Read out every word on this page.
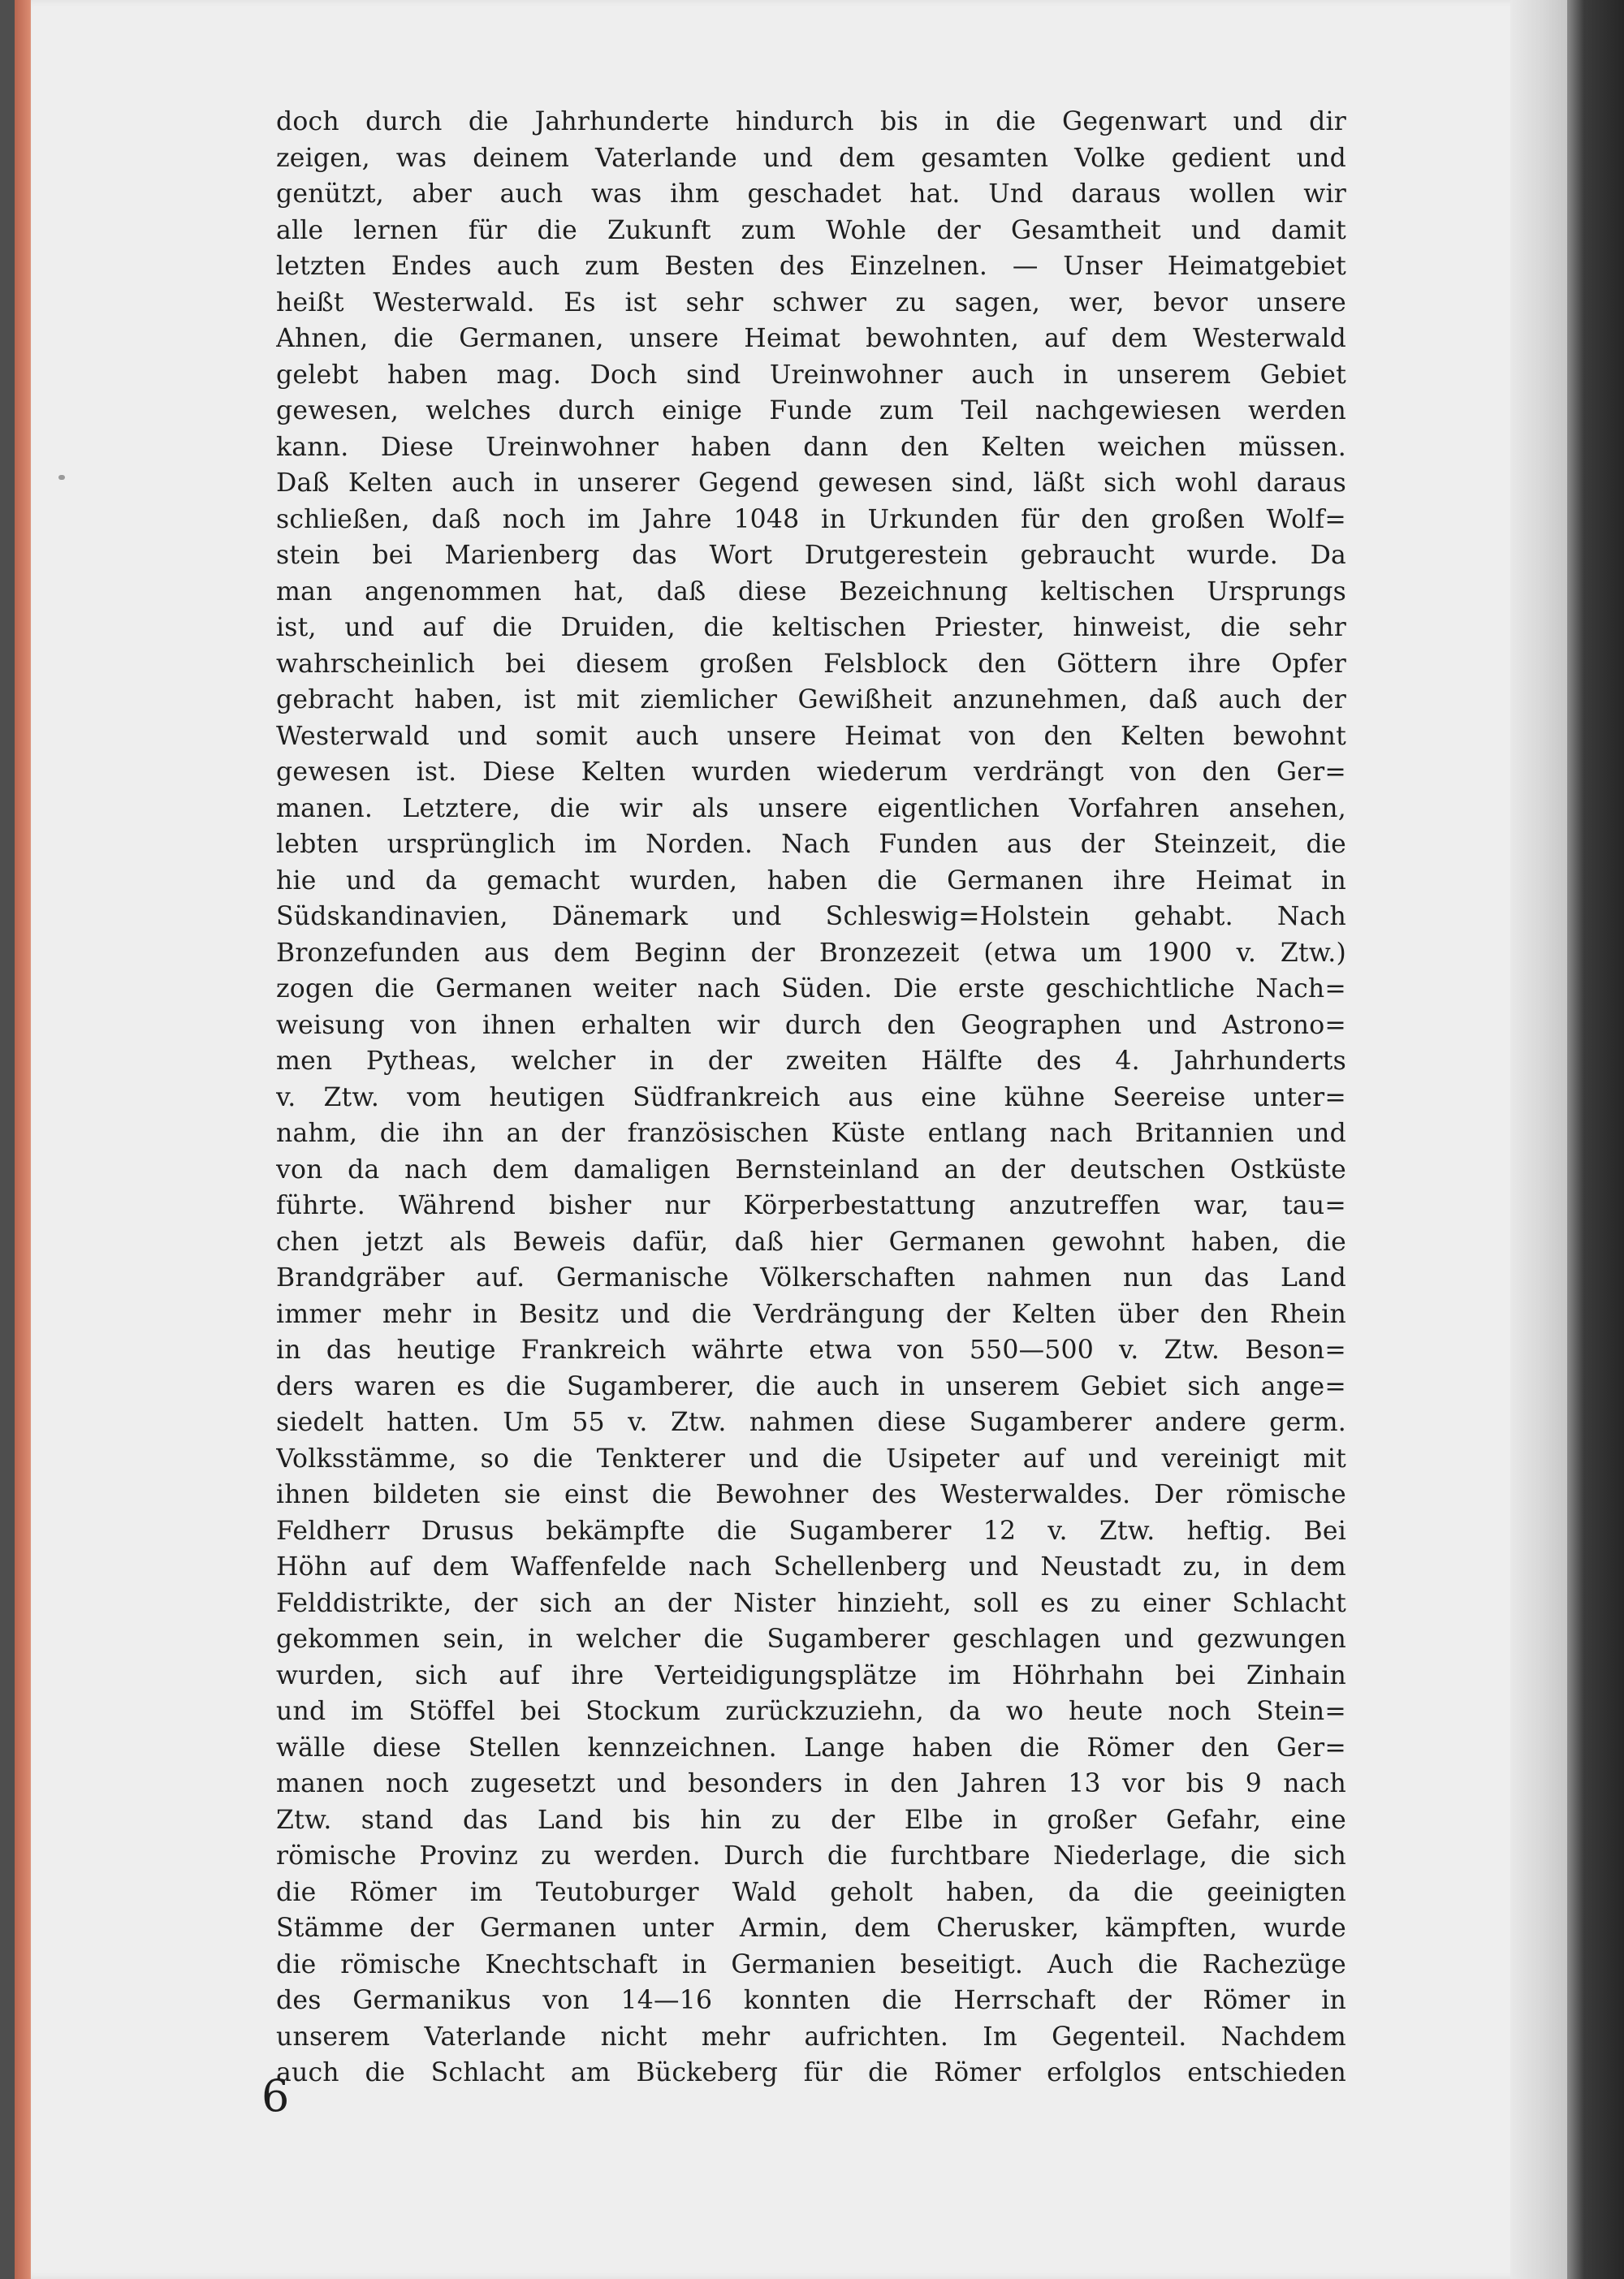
doch durch die Jahrhunderte hindurch bis in die Gegenwart und dir
zeigen, was deinem Vaterlande und dem gesamten Volke gedient und
genützt, aber auch was ihm geschadet hat. Und daraus wollen wir
alle lernen für die Zukunft zum Wohle der Gesamtheit und damit
letzten Endes auch zum Besten des Einzelnen. — Unser Heimatgebiet
heißt Westerwald. Es ist sehr schwer zu sagen, wer, bevor unsere
Ahnen, die Germanen, unsere Heimat bewohnten, auf dem Westerwald
gelebt haben mag. Doch sind Ureinwohner auch in unserem Gebiet
gewesen, welches durch einige Funde zum Teil nachgewiesen werden
kann. Diese Ureinwohner haben dann den Kelten weichen müssen.
Daß Kelten auch in unserer Gegend gewesen sind, läßt sich wohl daraus
schließen, daß noch im Jahre 1048 in Urkunden für den großen Wolf=
stein bei Marienberg das Wort Drutgerestein gebraucht wurde. Da
man angenommen hat, daß diese Bezeichnung keltischen Ursprungs
ist, und auf die Druiden, die keltischen Priester, hinweist, die sehr
wahrscheinlich bei diesem großen Felsblock den Göttern ihre Opfer
gebracht haben, ist mit ziemlicher Gewißheit anzunehmen, daß auch der
Westerwald und somit auch unsere Heimat von den Kelten bewohnt
gewesen ist. Diese Kelten wurden wiederum verdrängt von den Ger=
manen. Letztere, die wir als unsere eigentlichen Vorfahren ansehen,
lebten ursprünglich im Norden. Nach Funden aus der Steinzeit, die
hie und da gemacht wurden, haben die Germanen ihre Heimat in
Südskandinavien, Dänemark und Schleswig=Holstein gehabt. Nach
Bronzefunden aus dem Beginn der Bronzezeit (etwa um 1900 v. Ztw.)
zogen die Germanen weiter nach Süden. Die erste geschichtliche Nach=
weisung von ihnen erhalten wir durch den Geographen und Astrono=
men Pytheas, welcher in der zweiten Hälfte des 4. Jahrhunderts
v. Ztw. vom heutigen Südfrankreich aus eine kühne Seereise unter=
nahm, die ihn an der französischen Küste entlang nach Britannien und
von da nach dem damaligen Bernsteinland an der deutschen Ostküste
führte. Während bisher nur Körperbestattung anzutreffen war, tau=
chen jetzt als Beweis dafür, daß hier Germanen gewohnt haben, die
Brandgräber auf. Germanische Völkerschaften nahmen nun das Land
immer mehr in Besitz und die Verdrängung der Kelten über den Rhein
in das heutige Frankreich währte etwa von 550—500 v. Ztw. Beson=
ders waren es die Sugamberer, die auch in unserem Gebiet sich ange=
siedelt hatten. Um 55 v. Ztw. nahmen diese Sugamberer andere germ.
Volksstämme, so die Tenkterer und die Usipeter auf und vereinigt mit
ihnen bildeten sie einst die Bewohner des Westerwaldes. Der römische
Feldherr Drusus bekämpfte die Sugamberer 12 v. Ztw. heftig. Bei
Höhn auf dem Waffenfelde nach Schellenberg und Neustadt zu, in dem
Felddistrikte, der sich an der Nister hinzieht, soll es zu einer Schlacht
gekommen sein, in welcher die Sugamberer geschlagen und gezwungen
wurden, sich auf ihre Verteidigungsplätze im Höhrhahn bei Zinhain
und im Stöffel bei Stockum zurückzuziehn, da wo heute noch Stein=
wälle diese Stellen kennzeichnen. Lange haben die Römer den Ger=
manen noch zugesetzt und besonders in den Jahren 13 vor bis 9 nach
Ztw. stand das Land bis hin zu der Elbe in großer Gefahr, eine
römische Provinz zu werden. Durch die furchtbare Niederlage, die sich
die Römer im Teutoburger Wald geholt haben, da die geeinigten
Stämme der Germanen unter Armin, dem Cherusker, kämpften, wurde
die römische Knechtschaft in Germanien beseitigt. Auch die Rachezüge
des Germanikus von 14—16 konnten die Herrschaft der Römer in
unserem Vaterlande nicht mehr aufrichten. Im Gegenteil. Nachdem
auch die Schlacht am Bückeberg für die Römer erfolglos entschieden
6
